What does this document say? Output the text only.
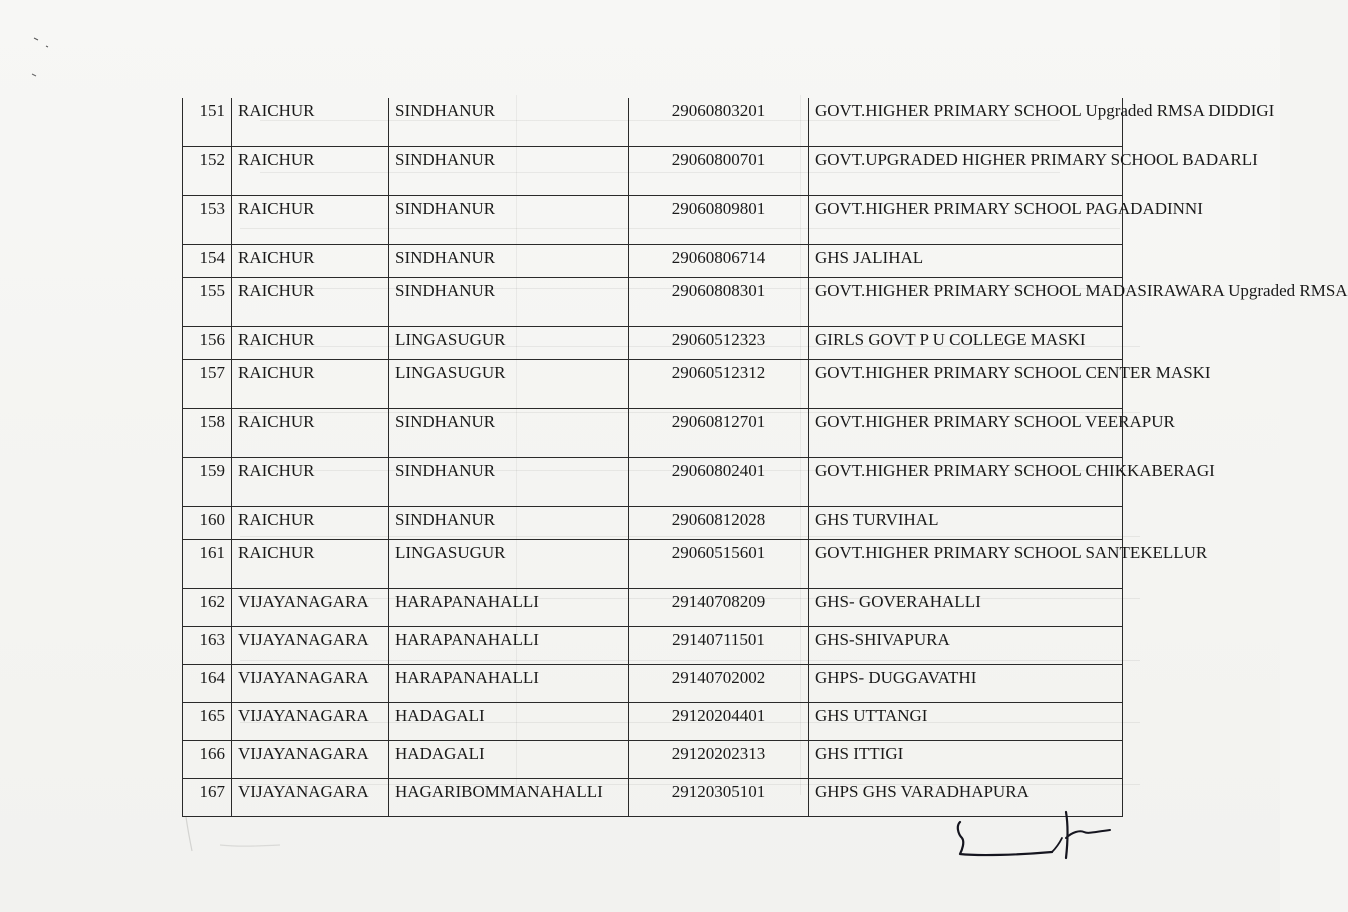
151	RAICHUR	SINDHANUR	29060803201	GOVT.HIGHER PRIMARY SCHOOL Upgraded RMSA DIDDIGI
152	RAICHUR	SINDHANUR	29060800701	GOVT.UPGRADED HIGHER PRIMARY SCHOOL BADARLI
153	RAICHUR	SINDHANUR	29060809801	GOVT.HIGHER PRIMARY SCHOOL PAGADADINNI
154	RAICHUR	SINDHANUR	29060806714	GHS JALIHAL
155	RAICHUR	SINDHANUR	29060808301	GOVT.HIGHER PRIMARY SCHOOL MADASIRAWARA Upgraded RMSA
156	RAICHUR	LINGASUGUR	29060512323	GIRLS GOVT P U COLLEGE MASKI
157	RAICHUR	LINGASUGUR	29060512312	GOVT.HIGHER PRIMARY SCHOOL CENTER MASKI
158	RAICHUR	SINDHANUR	29060812701	GOVT.HIGHER PRIMARY SCHOOL VEERAPUR
159	RAICHUR	SINDHANUR	29060802401	GOVT.HIGHER PRIMARY SCHOOL CHIKKABERAGI
160	RAICHUR	SINDHANUR	29060812028	GHS TURVIHAL
161	RAICHUR	LINGASUGUR	29060515601	GOVT.HIGHER PRIMARY SCHOOL SANTEKELLUR
162	VIJAYANAGARA	HARAPANAHALLI	29140708209	GHS- GOVERAHALLI
163	VIJAYANAGARA	HARAPANAHALLI	29140711501	GHS-SHIVAPURA
164	VIJAYANAGARA	HARAPANAHALLI	29140702002	GHPS- DUGGAVATHI
165	VIJAYANAGARA	HADAGALI	29120204401	GHS UTTANGI
166	VIJAYANAGARA	HADAGALI	29120202313	GHS ITTIGI
167	VIJAYANAGARA	HAGARIBOMMANAHALLI	29120305101	GHPS GHS VARADHAPURA
